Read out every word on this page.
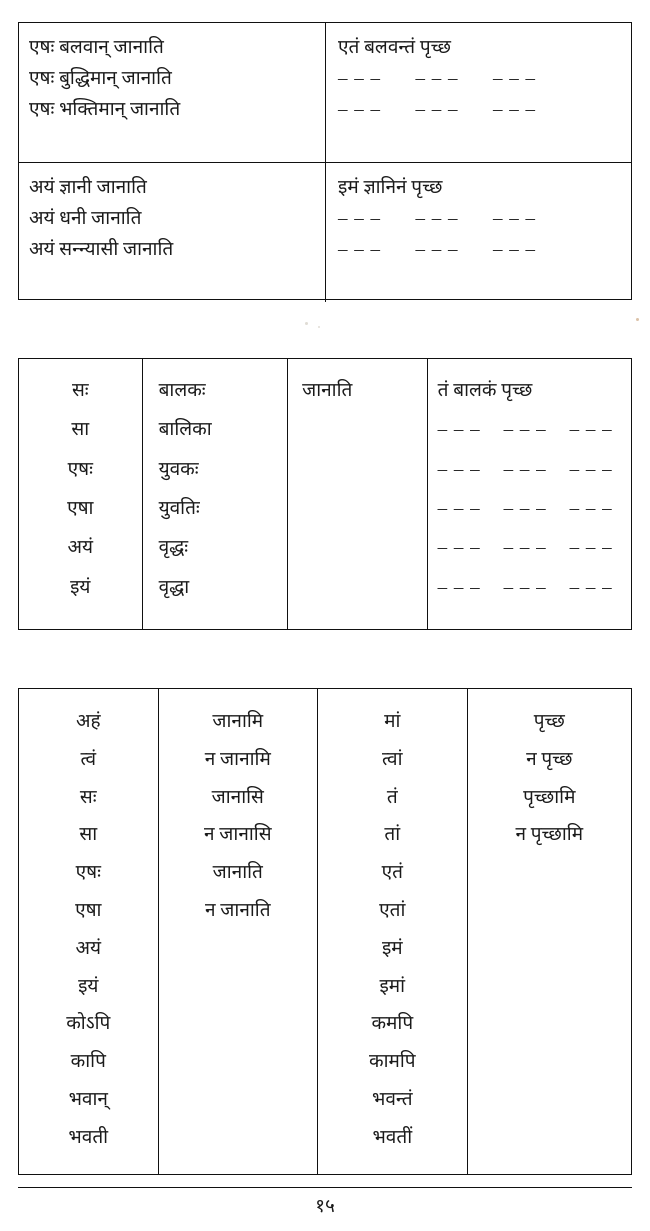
एषः बलवान् जानाति
एषः बुद्धिमान् जानाति
एषः भक्तिमान् जानाति
एतं बलवन्तं पृच्छ
– – –      – – –      – – –
– – –      – – –      – – –
अयं ज्ञानी जानाति
अयं धनी जानाति
अयं सन्न्यासी जानाति
इमं ज्ञानिनं पृच्छ
– – –      – – –      – – –
– – –      – – –      – – –
सः
सा
एषः
एषा
अयं
इयं
बालकः
बालिका
युवकः
युवतिः
वृद्धः
वृद्धा
जानाति

	तं बालकं पृच्छ
– – –    – – –    – – –
– – –    – – –    – – –
– – –    – – –    – – –
– – –    – – –    – – –
– – –    – – –    – – –
अहं
त्वं
सः
सा
एषः
एषा
अयं
इयं
कोऽपि
कापि
भवान्
भवती
जानामि
न जानामि
जानासि
न जानासि
जानाति
न जानाति

मां
त्वां
तं
तां
एतं
एतां
इमं
इमां
कमपि
कामपि
भवन्तं
भवतीं
पृच्छ
न पृच्छ
पृच्छामि
न पृच्छामि

१५
